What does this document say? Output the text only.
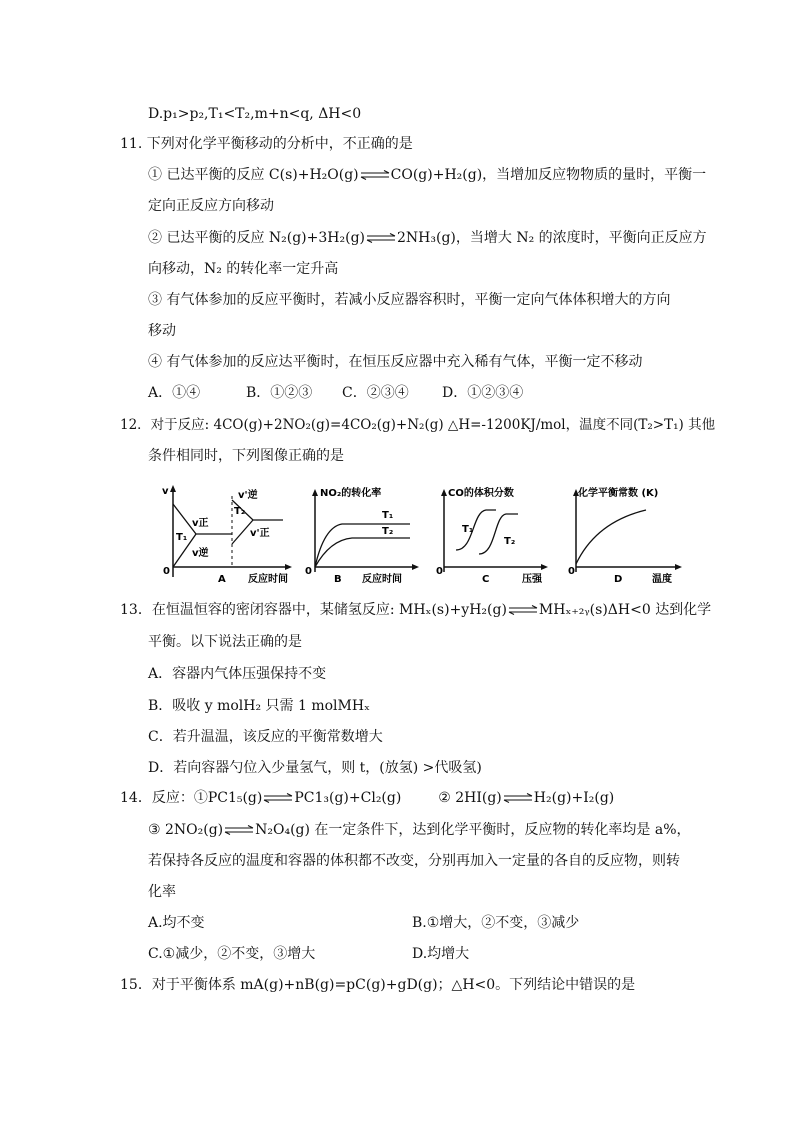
D.p₁>p₂,T₁<T₂,m+n<q, ΔH<0
11. 下列对化学平衡移动的分析中，不正确的是
① 已达平衡的反应 C(s)+H₂O(g) CO(g)+H₂(g)，当增加反应物物质的量时，平衡一
定向正反应方向移动
② 已达平衡的反应 N₂(g)+3H₂(g) 2NH₃(g)，当增大 N₂ 的浓度时，平衡向正反应方
向移动，N₂ 的转化率一定升高
③ 有气体参加的反应平衡时，若减小反应器容积时，平衡一定向气体体积增大的方向
移动
④ 有气体参加的反应达平衡时，在恒压反应器中充入稀有气体，平衡一定不移动
A．①④	B．①②③ C．②③④ D．①②③④
12．对于反应: 4CO(g)+2NO₂(g)=4CO₂(g)+N₂(g) △H=-1200KJ/mol，温度不同(T₂>T₁) 其他
条件相同时，下列图像正确的是
v
0
v正
T₁
v逆
v'逆
T₂
v'正
A 反应时间
NO₂的转化率
0
T₁
T₂
B 反应时间
CO的体积分数
0
T₁
T₂
C	压强
化学平衡常数 (K)
0
D	温度
13．在恒温恒容的密闭容器中，某储氢反应: MHₓ(s)+yH₂(g) MHₓ₊₂ᵧ(s)ΔH<0 达到化学
平衡。以下说法正确的是
A．容器内气体压强保持不变
B．吸收 y molH₂ 只需 1 molMHₓ
C．若升温温，该反应的平衡常数增大
D．若向容器勺位入少量氢气，则 t，(放氢) >代吸氢)
14．反应：①PC1₅(g) PC1₃(g)+Cl₂(g)	② 2HI(g) H₂(g)+I₂(g)
③ 2NO₂(g) N₂O₄(g) 在一定条件下，达到化学平衡时，反应物的转化率均是 a%，
若保持各反应的温度和容器的体积都不改变，分别再加入一定量的各自的反应物，则转
化率
A.均不变	B.①增大，②不变，③减少
C.①减少，②不变，③增大	D.均增大
15．对于平衡体系 mA(g)+nB(g)=pC(g)+gD(g)；△H<0。下列结论中错误的是
